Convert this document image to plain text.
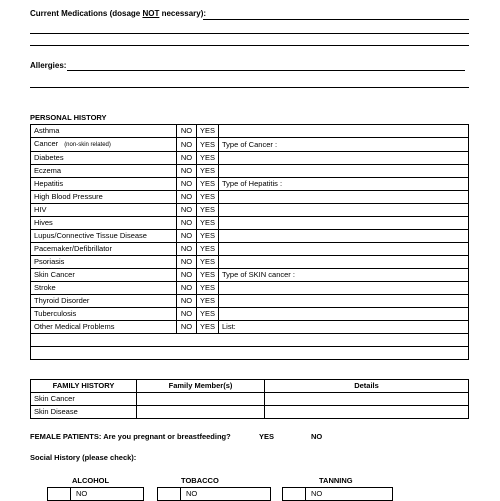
Current Medications (dosage NOT necessary):
Allergies:
PERSONAL HISTORY
Asthma	NO	YES	
Cancer (non-skin related)	NO	YES	Type of Cancer :
Diabetes	NO	YES	
Eczema	NO	YES	
Hepatitis	NO	YES	Type of Hepatitis :
High Blood Pressure	NO	YES	
HIV	NO	YES	
Hives	NO	YES	
Lupus/Connective Tissue Disease	NO	YES	
Pacemaker/Defibrillator	NO	YES	
Psoriasis	NO	YES	
Skin Cancer	NO	YES	Type of SKIN cancer :
Stroke	NO	YES	
Thyroid Disorder	NO	YES	
Tuberculosis	NO	YES	
Other Medical Problems	NO	YES	List:

FAMILY HISTORY	Family Member(s)	Details
Skin Cancer		
Skin Disease		
FEMALE PATIENTS: Are you pregnant or breastfeeding?	YES	NO
Social History (please check):
ALCOHOL	TOBACCO	TANNING
NO	NO	NO
